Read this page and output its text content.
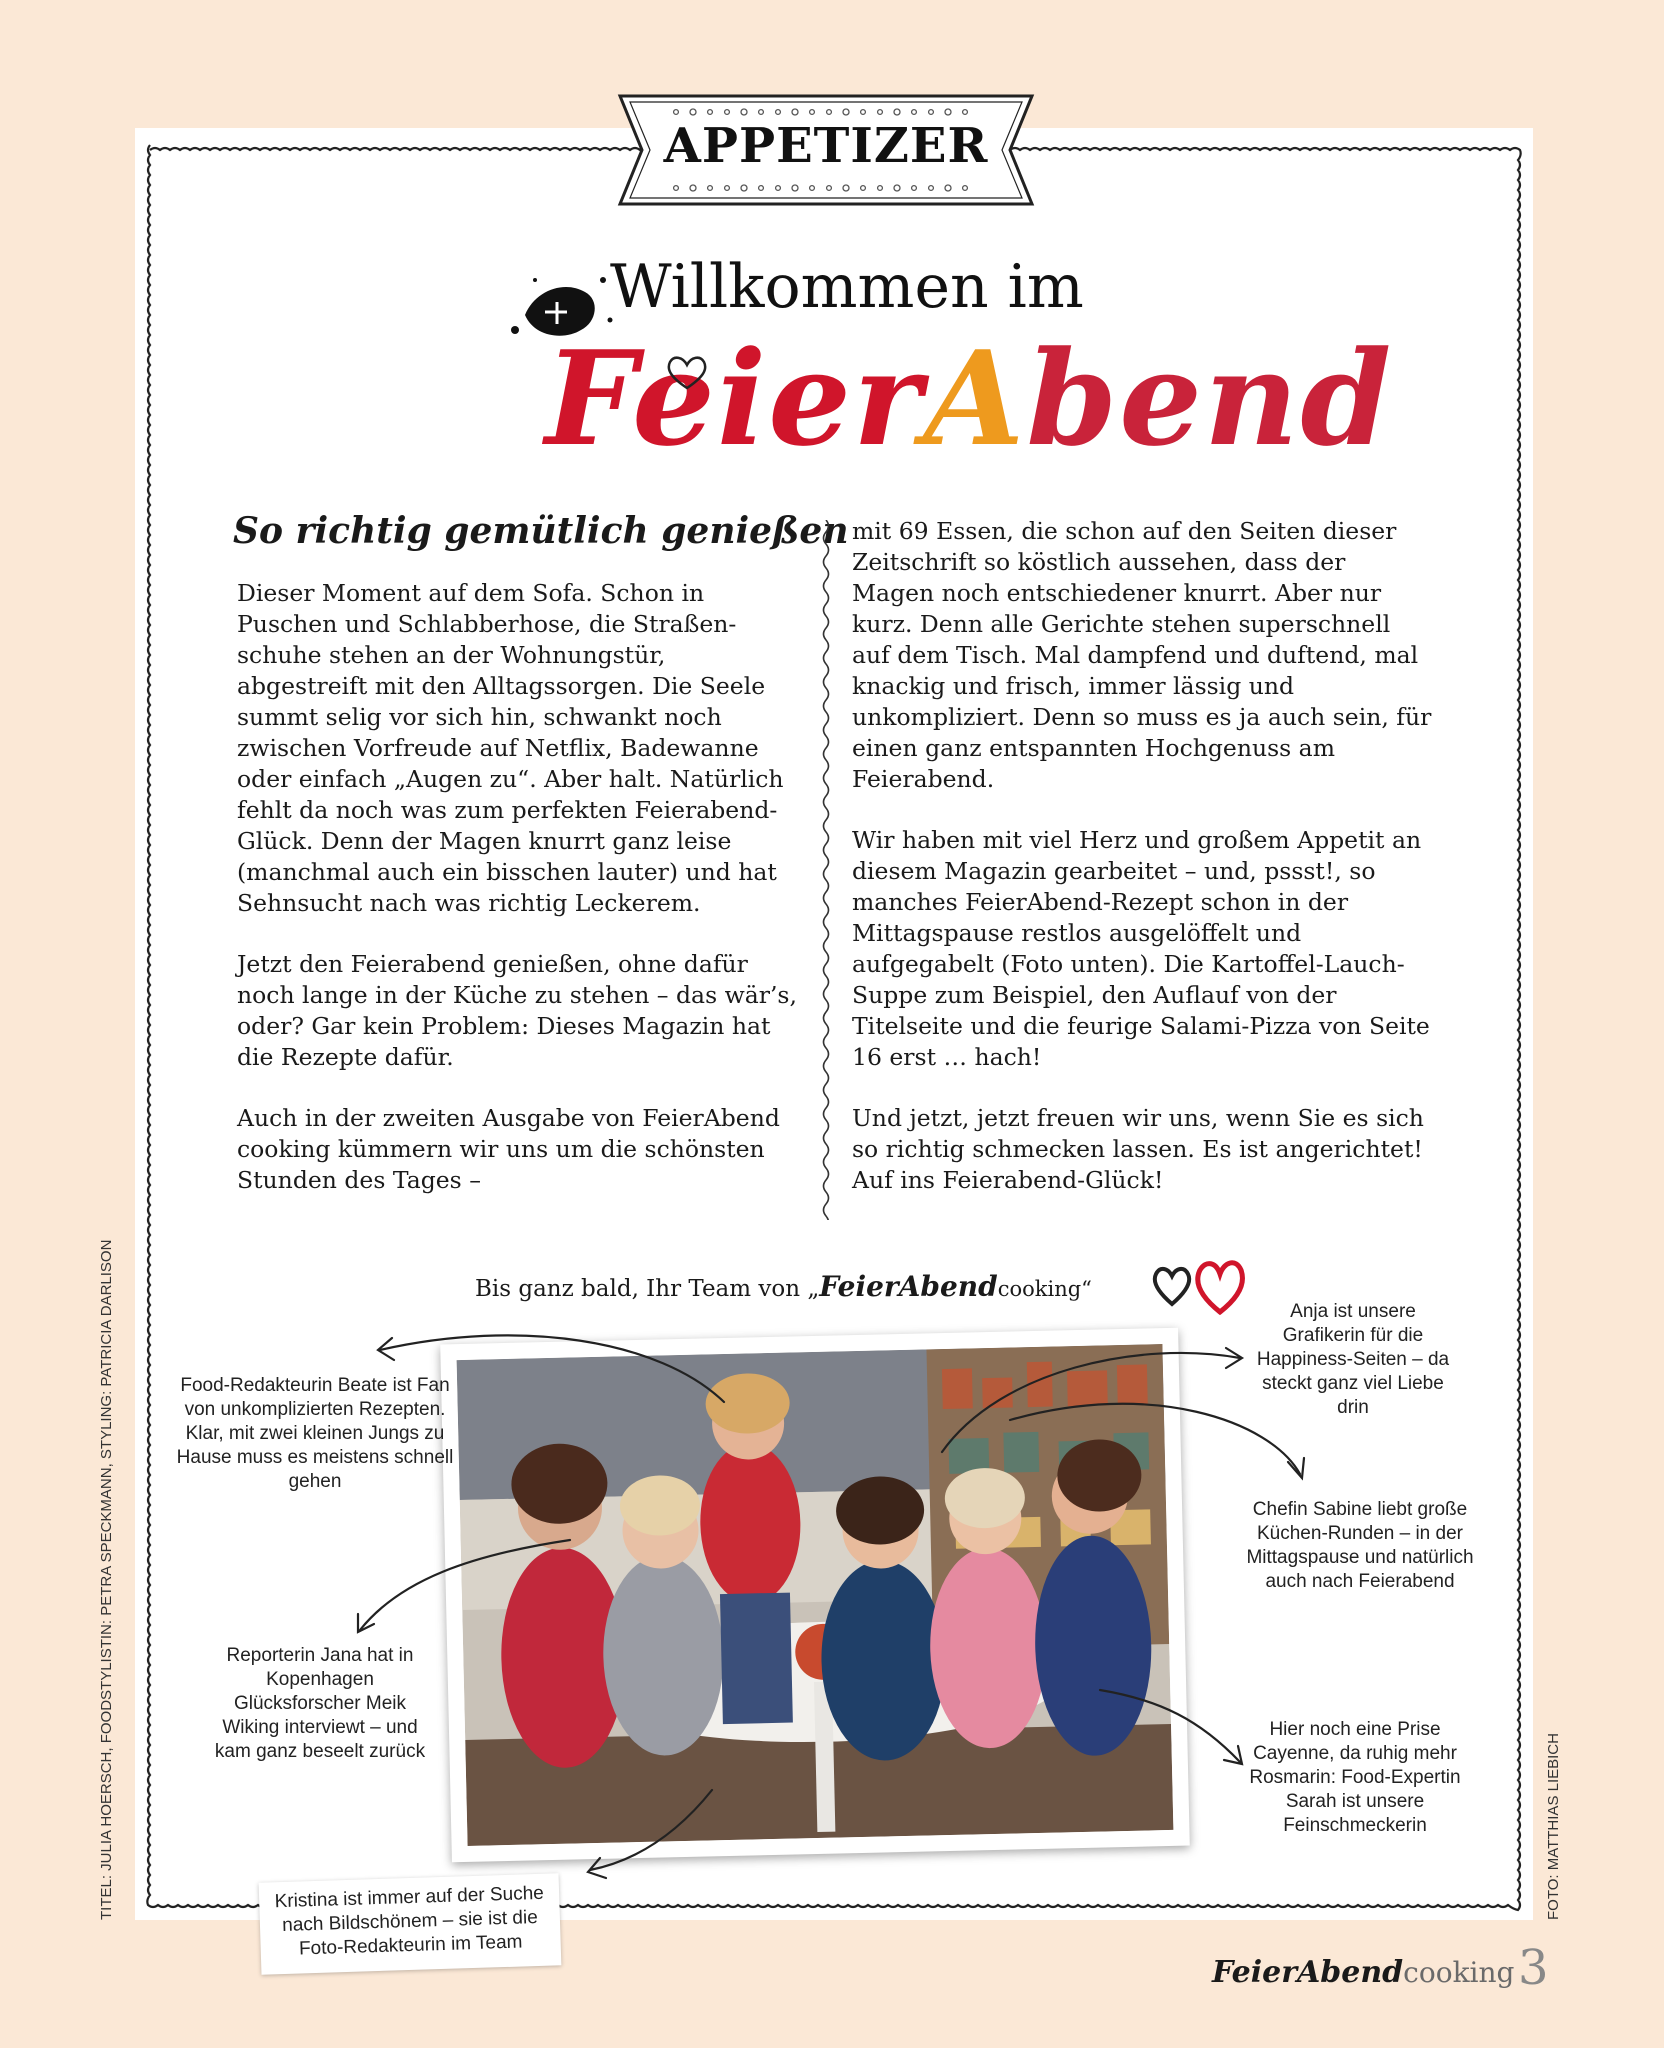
APPETIZER
Willkommen im
FeierAbend
So richtig gemütlich genießen

Dieser Moment auf dem Sofa. Schon in Puschen und Schlabberhose, die Straßen-schuhe stehen an der Wohnungstür, abgestreift mit den Alltagssorgen. Die Seele summt selig vor sich hin, schwankt noch zwischen Vorfreude auf Netflix, Badewanne oder einfach „Augen zu“. Aber halt. Natürlich fehlt da noch was zum perfekten Feierabend-Glück. Denn der Magen knurrt ganz leise (manchmal auch ein bisschen lauter) und hat Sehnsucht nach was richtig Leckerem.

Jetzt den Feierabend genießen, ohne dafür noch lange in der Küche zu stehen – das wär’s, oder? Gar kein Problem: Dieses Magazin hat die Rezepte dafür.

Auch in der zweiten Ausgabe von FeierAbend cooking kümmern wir uns um die schönsten Stunden des Tages –

mit 69 Essen, die schon auf den Seiten dieser Zeitschrift so köstlich aussehen, dass der Magen noch entschiedener knurrt. Aber nur kurz. Denn alle Gerichte stehen superschnell auf dem Tisch. Mal dampfend und duftend, mal knackig und frisch, immer lässig und unkompliziert. Denn so muss es ja auch sein, für einen ganz entspannten Hochgenuss am Feierabend.

Wir haben mit viel Herz und großem Appetit an diesem Magazin gearbeitet – und, pssst!, so manches FeierAbend-Rezept schon in der Mittagspause restlos ausgelöffelt und aufgegabelt (Foto unten). Die Kartoffel-Lauch-Suppe zum Beispiel, den Auflauf von der Titelseite und die feurige Salami-Pizza von Seite 16 erst … hach!

Und jetzt, jetzt freuen wir uns, wenn Sie es sich so richtig schmecken lassen. Es ist angerichtet! Auf ins Feierabend-Glück!

Bis ganz bald, Ihr Team von „FeierAbendcooking“
Food-Redakteurin Beate ist Fan von unkomplizierten Rezepten. Klar, mit zwei kleinen Jungs zu Hause muss es meistens schnell gehen
Reporterin Jana hat in Kopenhagen Glücksforscher Meik Wiking interviewt – und kam ganz beseelt zurück
Anja ist unsere Grafikerin für die Happiness-Seiten – da steckt ganz viel Liebe drin
Chefin Sabine liebt große Küchen-Runden – in der Mittagspause und natürlich auch nach Feierabend
Hier noch eine Prise Cayenne, da ruhig mehr Rosmarin: Food-Expertin Sarah ist unsere Feinschmeckerin
Kristina ist immer auf der Suche nach Bildschönem – sie ist die Foto-Redakteurin im Team
TITEL: JULIA HOERSCH, FOODSTYLISTIN: PETRA SPECKMANN, STYLING: PATRICIA DARLISON	FOTO: MATTHIAS LIEBICH
FeierAbendcooking 3
